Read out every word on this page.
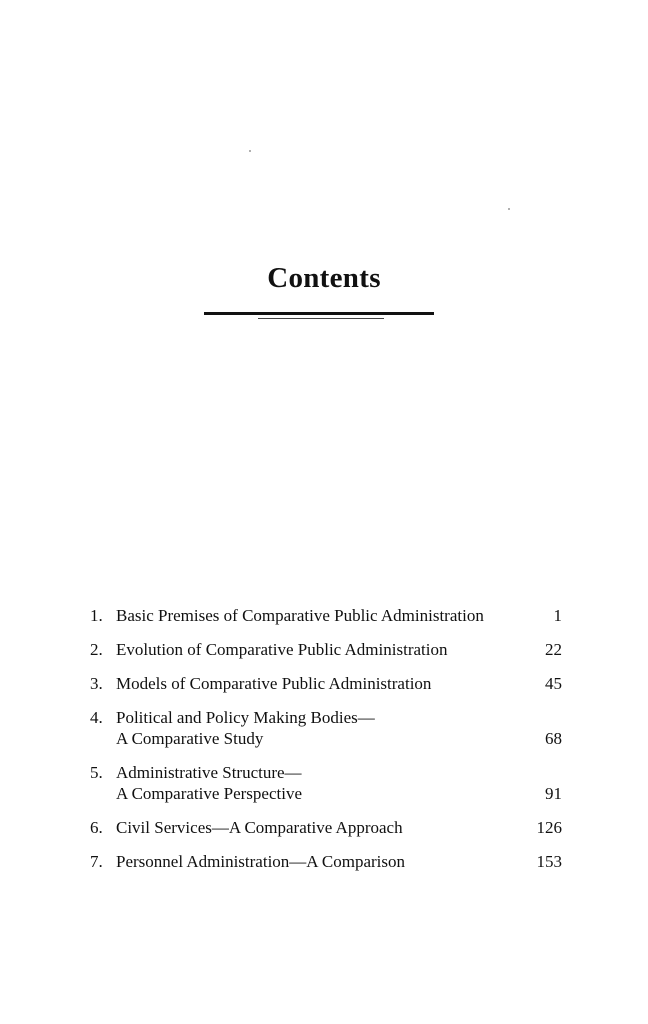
Contents
1. Basic Premises of Comparative Public Administration	1
2. Evolution of Comparative Public Administration	22
3. Models of Comparative Public Administration	45
4. Political and Policy Making Bodies—
A Comparative Study	68
5. Administrative Structure—
A Comparative Perspective	91
6. Civil Services—A Comparative Approach	126
7. Personnel Administration—A Comparison	153
